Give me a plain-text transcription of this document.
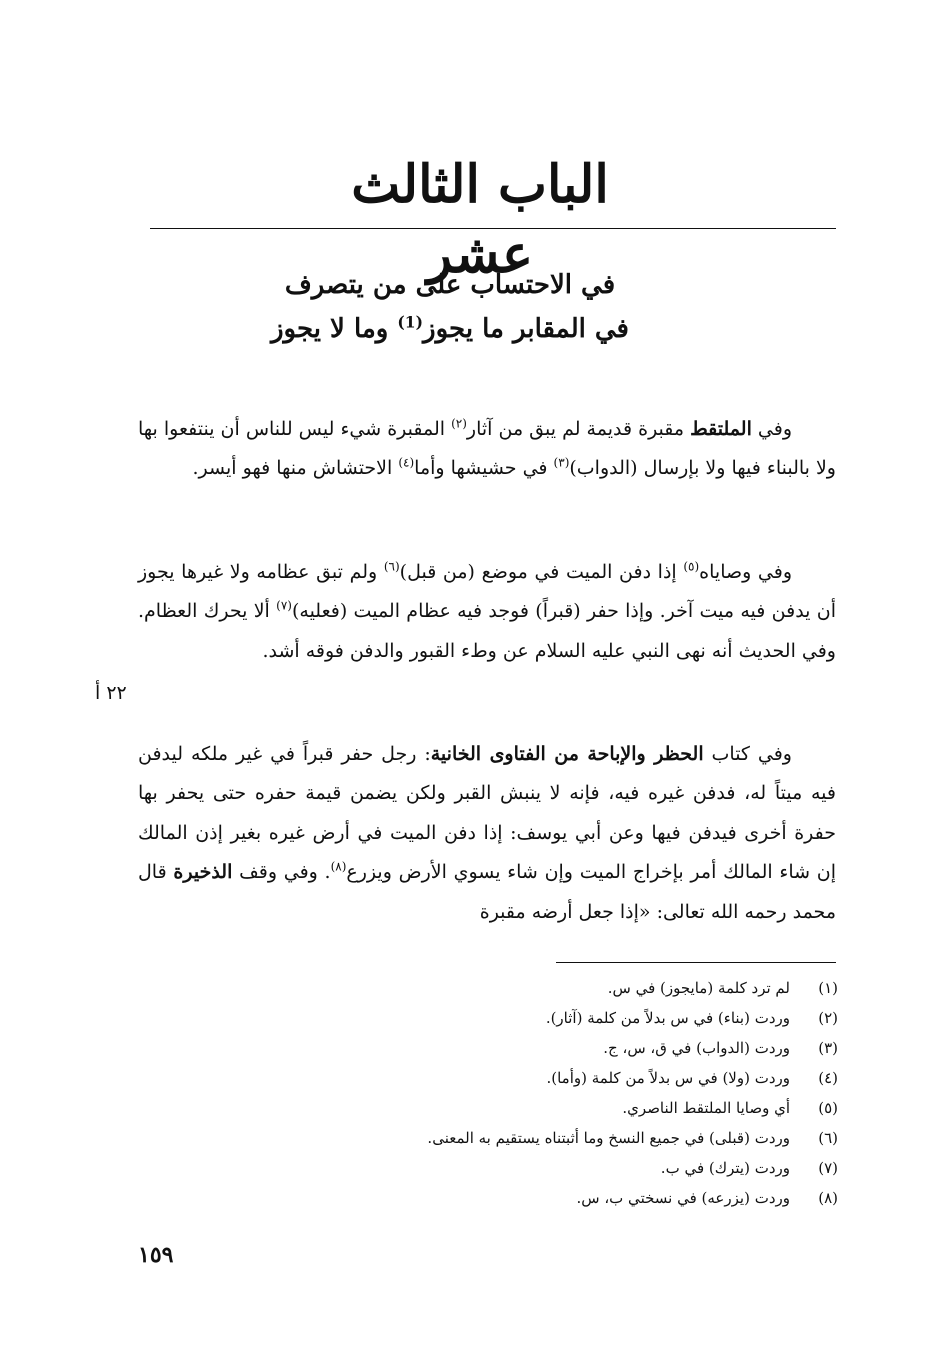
الباب الثالث عشر
في الاحتساب على من يتصرف
في المقابر ما يجوز$^{(1)}$ وما لا يجوز

وفي الملتقط مقبرة قديمة لم يبق من آثار$^{(٢)}$ المقبرة شيء ليس للناس أن ينتفعوا بها ولا بالبناء فيها ولا بإرسال (الدواب)$^{(٣)}$ في حشيشها وأما$^{(٤)}$ الاحتشاش منها فهو أيسر.

وفي وصاياه$^{(٥)}$ إذا دفن الميت في موضع (من قبل)$^{(٦)}$ ولم تبق عظامه ولا غيرها يجوز أن يدفن فيه ميت آخر. وإذا حفر (قبراً) فوجد فيه عظام الميت (فعليه)$^{(٧)}$ ألا يحرك العظام. وفي الحديث أنه نهى النبي عليه السلام عن وطء القبور والدفن فوقه أشد.

٢٢ أ

وفي كتاب الحظر والإباحة من الفتاوى الخانية: رجل حفر قبراً في غير ملكه ليدفن فيه ميتاً له، فدفن غيره فيه، فإنه لا ينبش القبر ولكن يضمن قيمة حفره حتى يحفر بها حفرة أخرى فيدفن فيها وعن أبي يوسف: إذا دفن الميت في أرض غيره بغير إذن المالك إن شاء المالك أمر بإخراج الميت وإن شاء يسوي الأرض ويزرع$^{(٨)}$. وفي وقف الذخيرة قال محمد رحمه الله تعالى: «إذا جعل أرضه مقبرة

(١)
لم ترد كلمة (مايجوز) في س.
(٢)
وردت (بناء) في س بدلاً من كلمة (آثار).
(٣)
وردت (الدواب) في ق، س، ج.
(٤)
وردت (ولا) في س بدلاً من كلمة (وأما).
(٥)
أي وصايا الملتقط الناصري.
(٦)
وردت (قبلى) في جميع النسخ وما أثبتناه يستقيم به المعنى.
(٧)
وردت (يترك) في ب.
(٨)
وردت (يزرعه) في نسختي ب، س.
١٥٩
